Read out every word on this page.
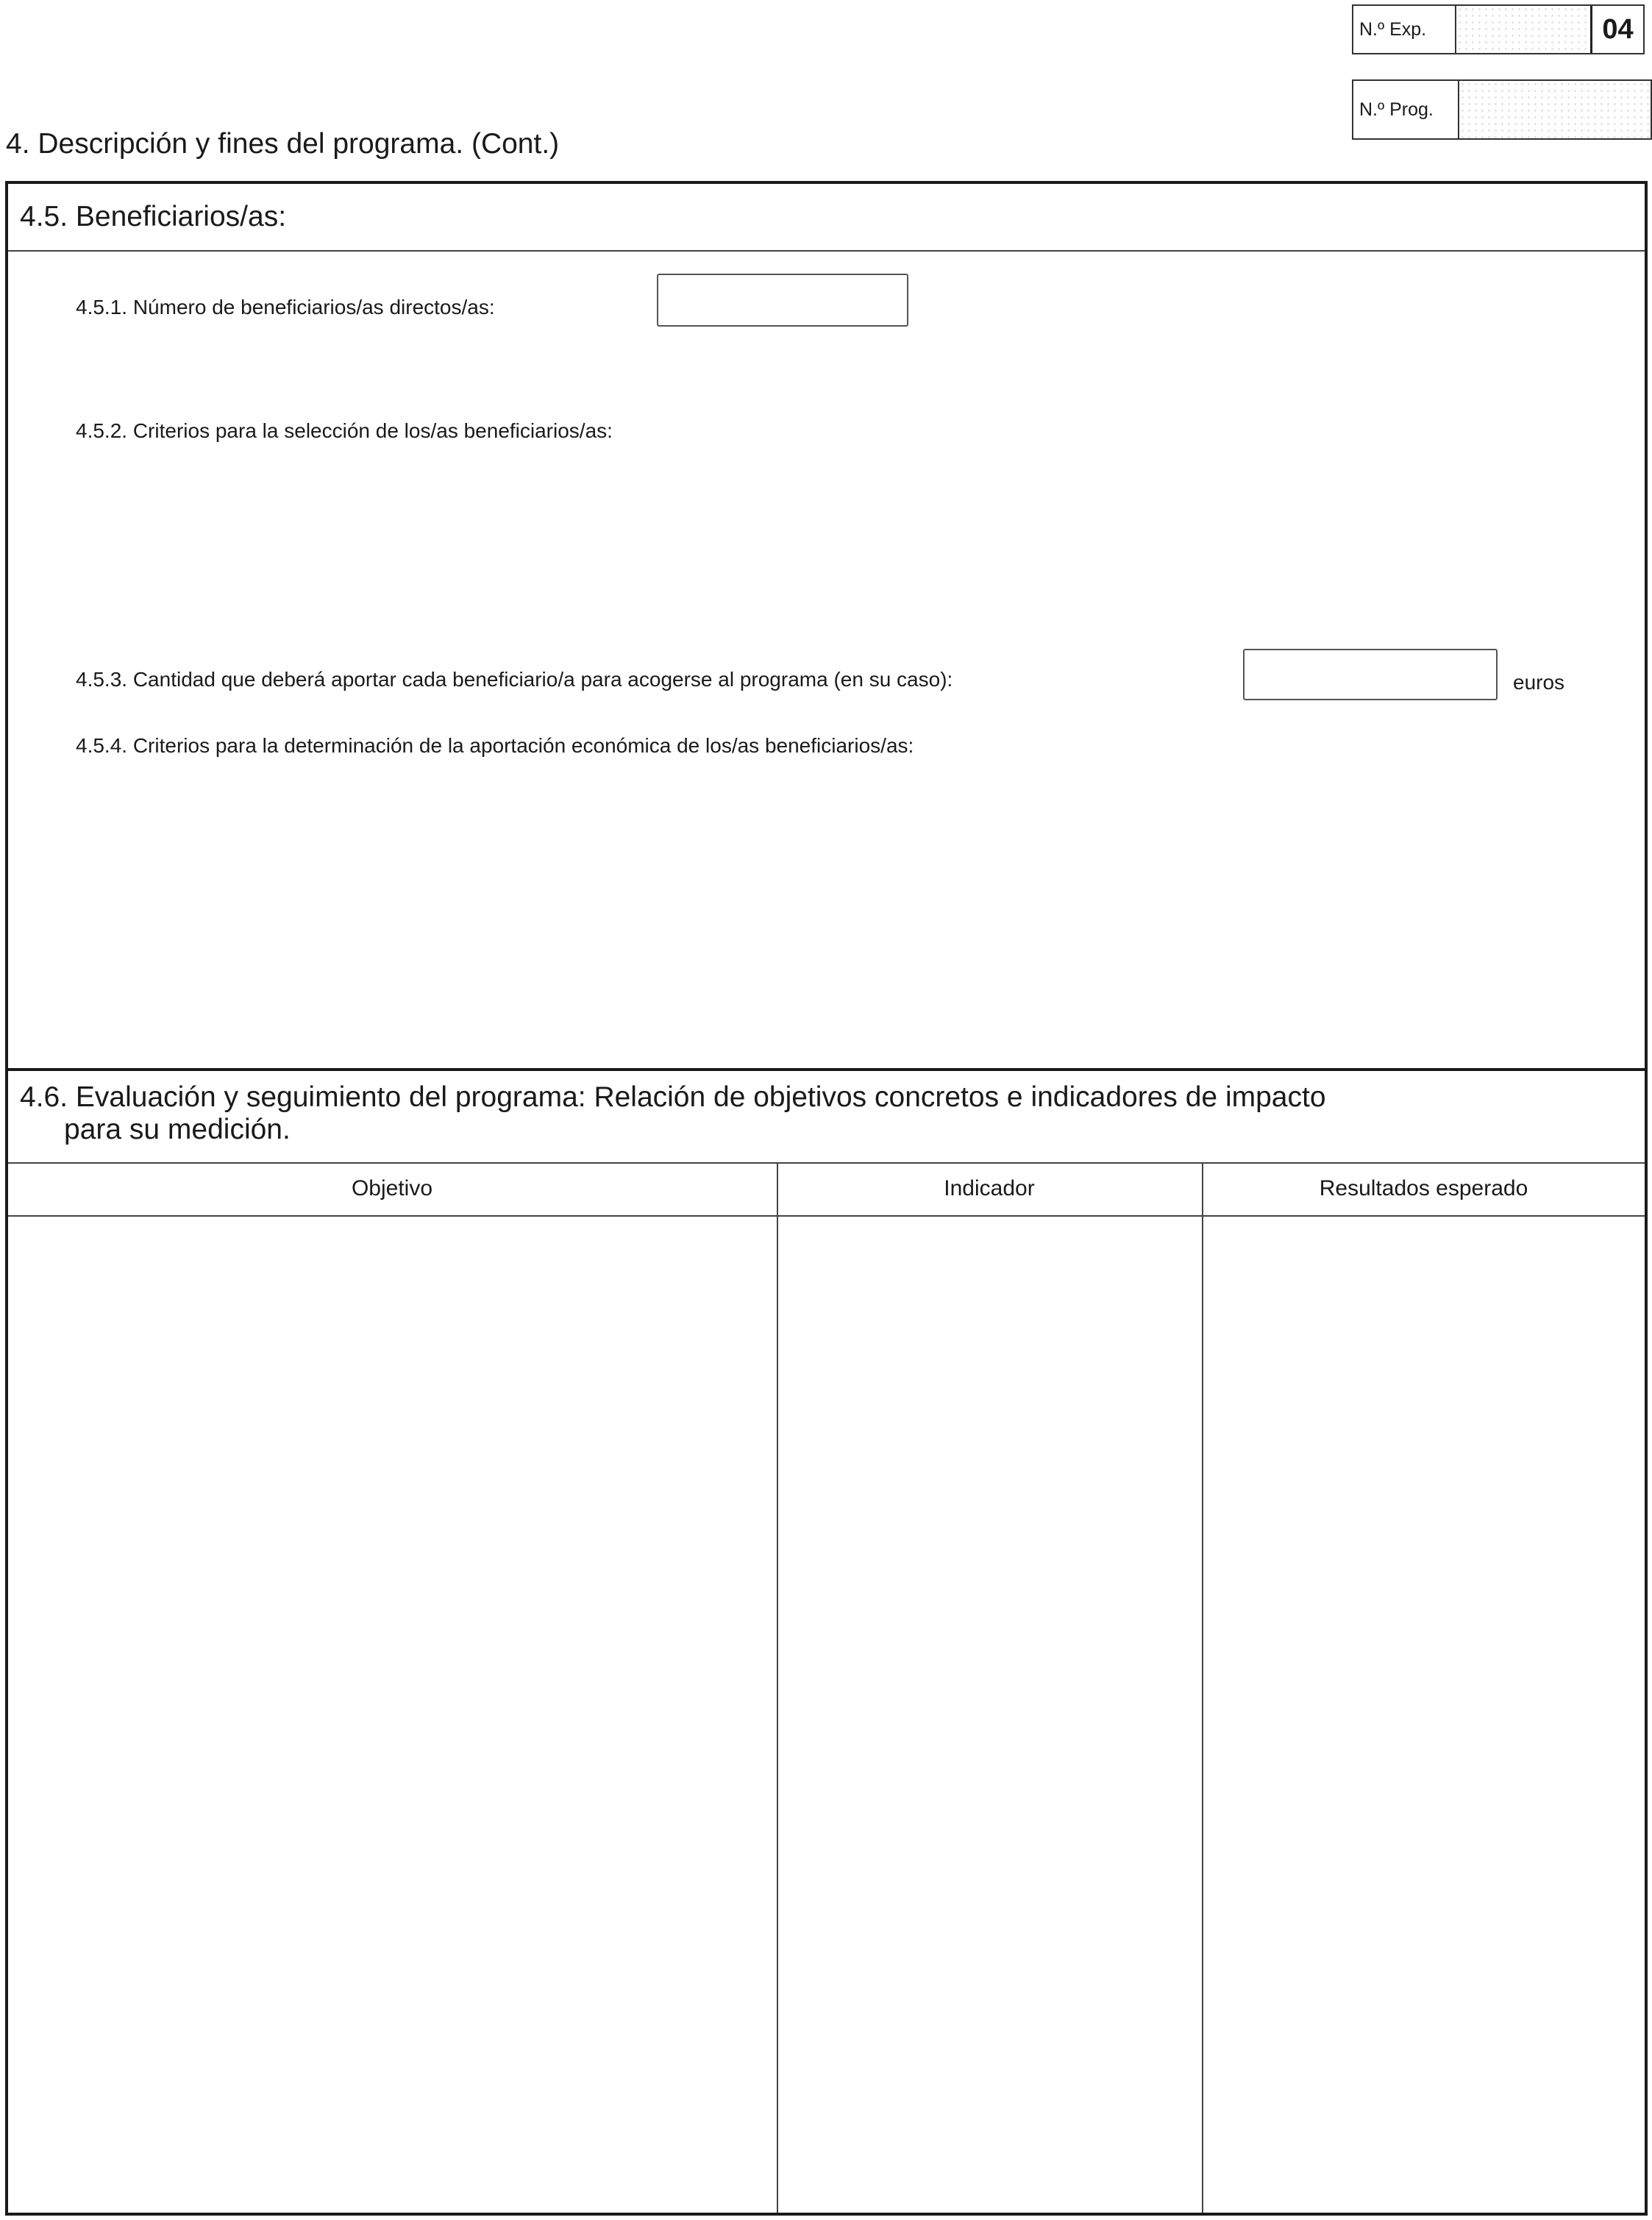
N.º Exp.	04
N.º Prog.
4. Descripción y fines del programa. (Cont.)
4.5. Beneficiarios/as:
4.5.1. Número de beneficiarios/as directos/as:
4.5.2. Criterios para la selección de los/as beneficiarios/as:
4.5.3. Cantidad que deberá aportar cada beneficiario/a para acogerse al programa (en su caso):	euros
4.5.4. Criterios para la determinación de la aportación económica de los/as beneficiarios/as:
4.6. Evaluación y seguimiento del programa: Relación de objetivos concretos e indicadores de impacto
para su medición.
Objetivo	Indicador	Resultados esperado
